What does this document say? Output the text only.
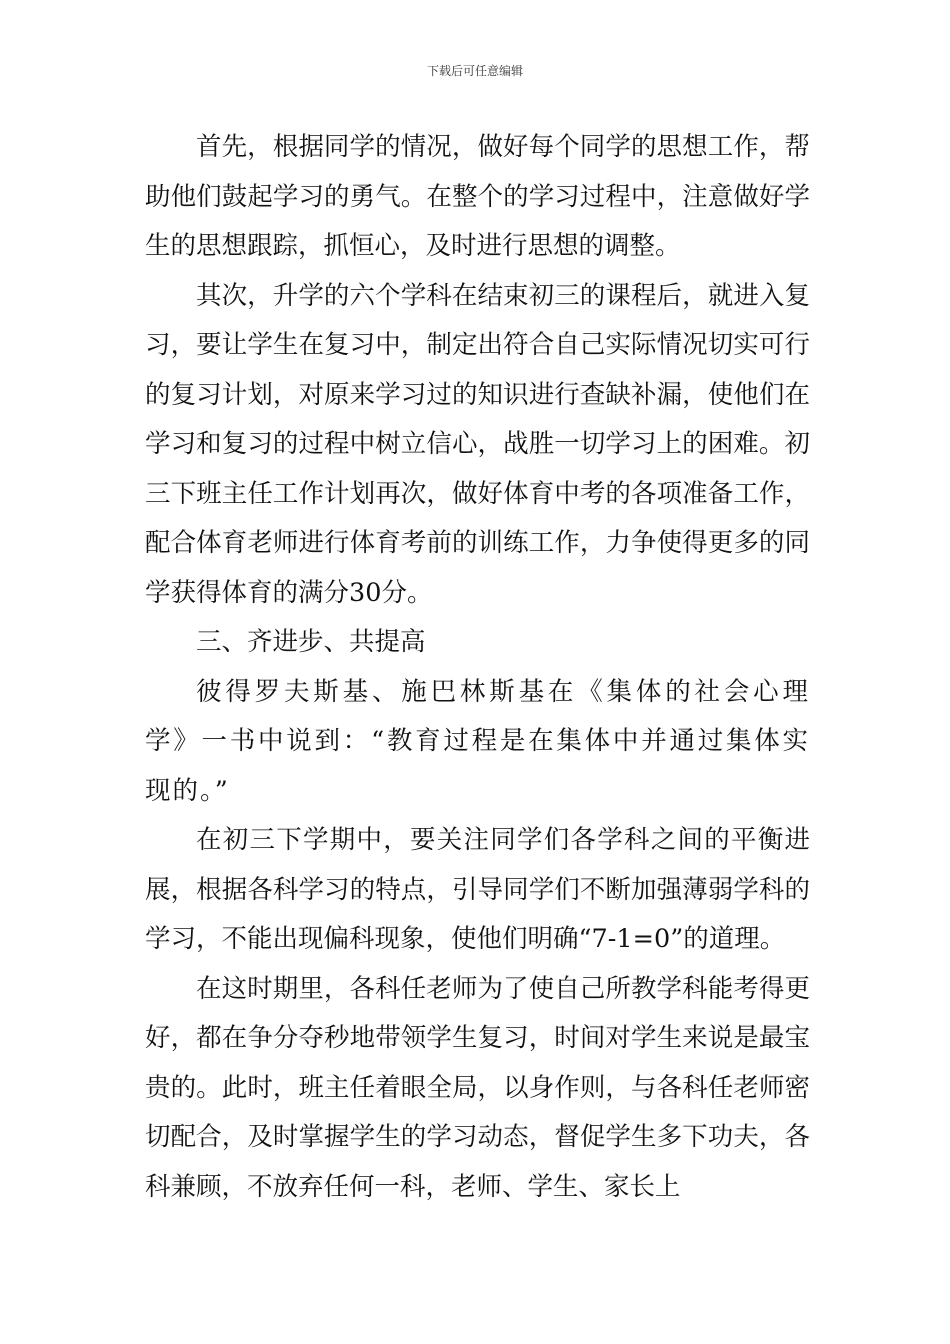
下载后可任意编辑

首先，根据同学的情况，做好每个同学的思想工作，帮助他们鼓起学习的勇气。在整个的学习过程中，注意做好学生的思想跟踪，抓恒心，及时进行思想的调整。

其次，升学的六个学科在结束初三的课程后，就进入复习，要让学生在复习中，制定出符合自己实际情况切实可行的复习计划，对原来学习过的知识进行查缺补漏，使他们在学习和复习的过程中树立信心，战胜一切学习上的困难。初三下班主任工作计划再次，做好体育中考的各项准备工作，配合体育老师进行体育考前的训练工作，力争使得更多的同学获得体育的满分30分。

三、齐进步、共提高

彼得罗夫斯基、施巴林斯基在《集体的社会心理学》一书中说到：“教育过程是在集体中并通过集体实现的。”

在初三下学期中，要关注同学们各学科之间的平衡进展，根据各科学习的特点，引导同学们不断加强薄弱学科的学习，不能出现偏科现象，使他们明确“7-1=0”的道理。

在这时期里，各科任老师为了使自己所教学科能考得更好，都在争分夺秒地带领学生复习，时间对学生来说是最宝贵的。此时，班主任着眼全局，以身作则，与各科任老师密切配合，及时掌握学生的学习动态，督促学生多下功夫，各科兼顾，不放弃任何一科，老师、学生、家长上
